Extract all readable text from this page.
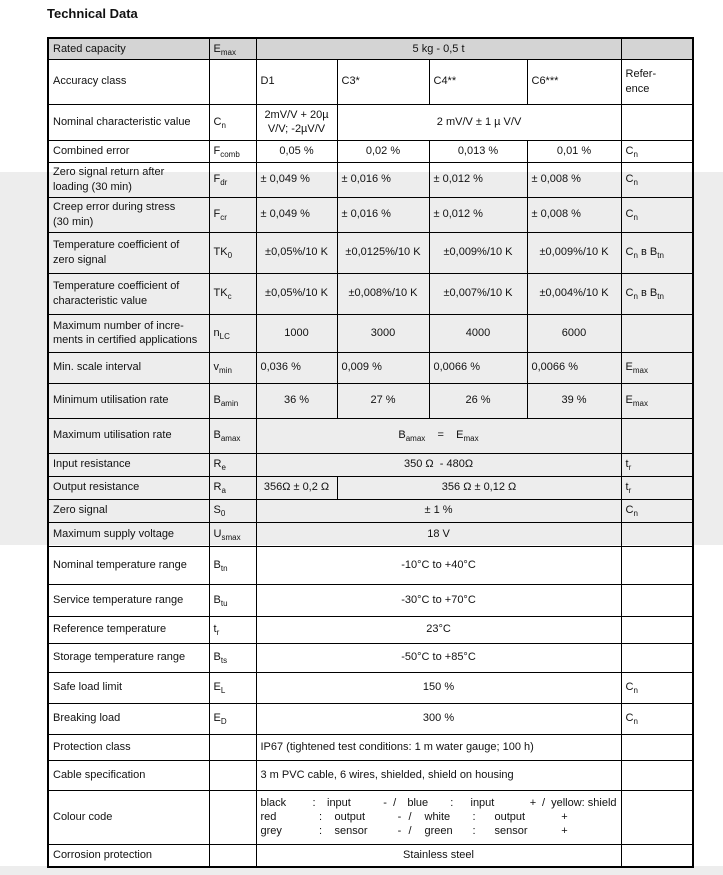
Technical Data
Rated capacity	$E_{max}$	5 kg - 0,5 t				
Accuracy class		D1	C3*	C4**	C6***	Refer-
ence
Nominal characteristic value	$C_n$	2mV/V + 20µ
V/V; -2µV/V	2 mV/V ± 1 µ V/V			
Combined error	$F_{comb}$	0,05 %	0,02 %	0,013 %	0,01 %	$C_n$
Zero signal return after
loading (30 min)	$F_{dr}$	± 0,049 %	± 0,016 %	± 0,012 %	± 0,008 %	$C_n$
Creep error during stress
(30 min)	$F_{cr}$	± 0,049 %	± 0,016 %	± 0,012 %	± 0,008 %	$C_n$
Temperature coefficient of
zero signal	$TK_0$	±0,05%/10 K	±0,0125%/10 K	±0,009%/10 K	±0,009%/10 K	$C_n$ в $B_{tn}$
Temperature coefficient of
characteristic value	$TK_c$	±0,05%/10 K	±0,008%/10 K	±0,007%/10 K	±0,004%/10 K	$C_n$ в $B_{tn}$
Maximum number of incre-
ments in certified applications	$n_{LC}$	1000	3000	4000	6000	
Min. scale interval	$v_{min}$	0,036 %	0,009 %	0,0066 %	0,0066 %	$E_{max}$
Minimum utilisation rate	$B_{amin}$	36 %	27 %	26 %	39 %	$E_{max}$
Maximum utilisation rate	$B_{amax}$	$B_{amax}$    =    $E_{max}$	
Input resistance	$R_e$	350 Ω  - 480Ω				$t_r$
Output resistance	$R_a$	356Ω ± 0,2 Ω	356 Ω ± 0,12 Ω			$t_r$
Zero signal	$S_0$	± 1 %				$C_n$
Maximum supply voltage	$U_{smax}$	18 V				
Nominal temperature range	$B_{tn}$	-10°C to +40°C				
Service temperature range	$B_{tu}$	-30°C to +70°C				
Reference temperature	$t_r$	23°C				
Storage temperature range	$B_{ts}$	-50°C to +85°C				
Safe load limit	$E_L$	150 %				$C_n$
Breaking load	$E_D$	300 %				$C_n$
Protection class		IP67 (tightened test conditions: 1 m water gauge; 100 h)				
Cable specification		3 m PVC cable, 6 wires, shielded, shield on housing				
Colour code		
black	:	input	- /	blue	:	input	+ /  yellow: shield
red	:	output	- /	white	:	output	+
grey	:	sensor	- /	green	:	sensor	+

Corrosion protection		Stainless steel				
